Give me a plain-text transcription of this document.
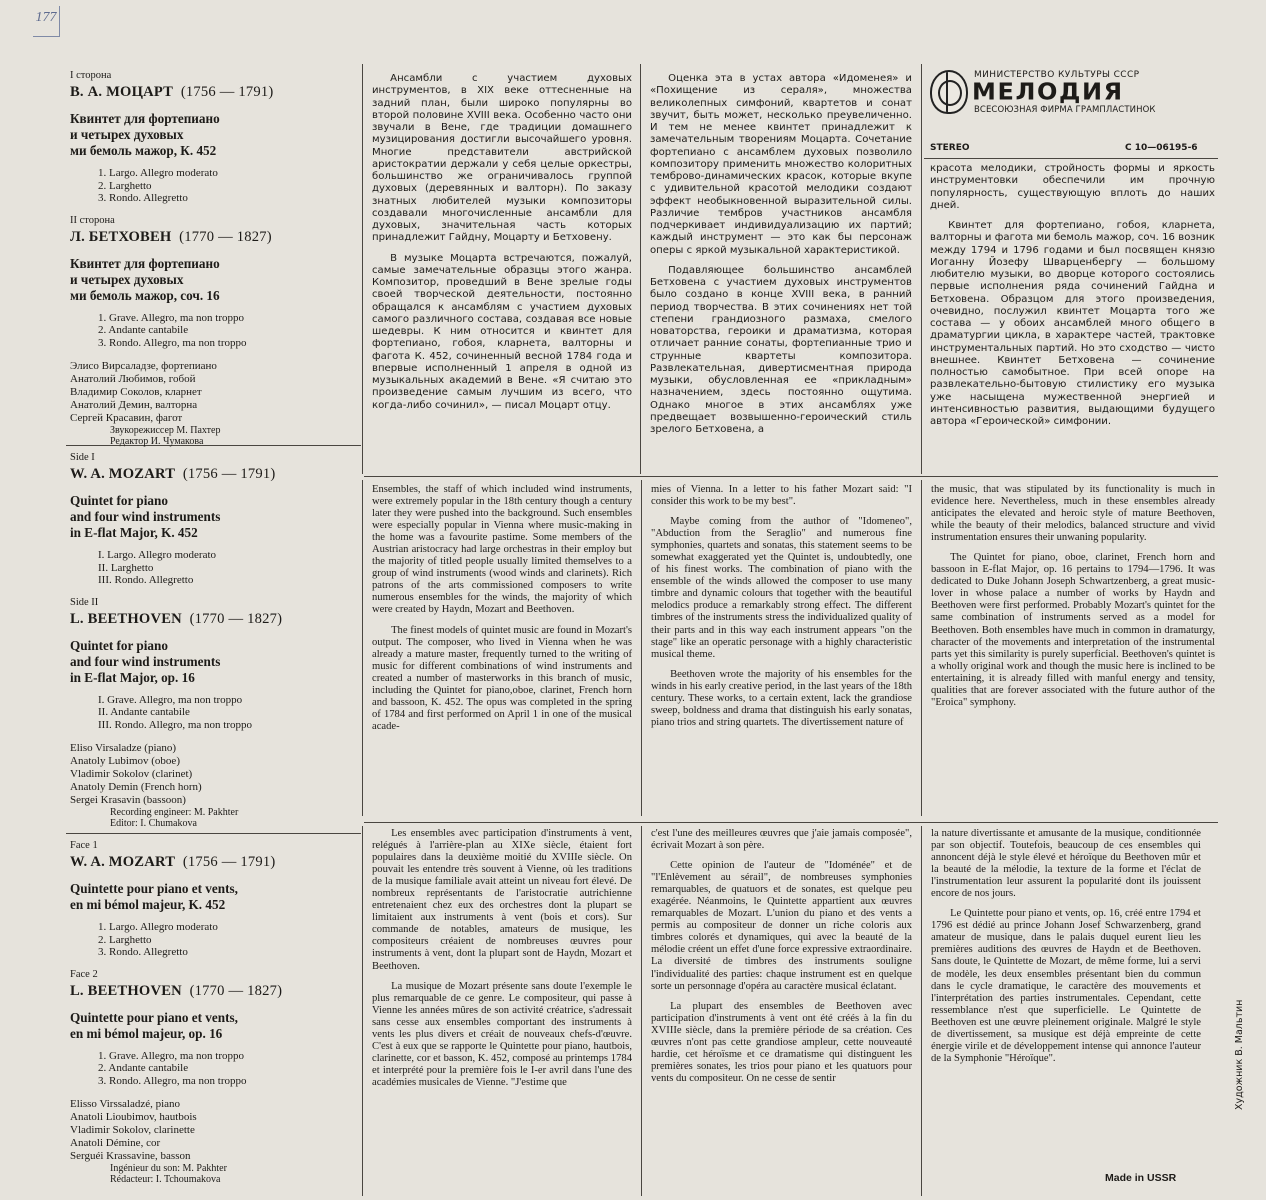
177
I сторона
В. А. МОЦАРТ (1756 — 1791)
Квинтет для фортепиано
и четырех духовых
ми бемоль мажор, К. 452
1. Largo. Allegro moderato
2. Larghetto
3. Rondo. Allegretto
II сторона
Л. БЕТХОВЕН (1770 — 1827)
Квинтет для фортепиано
и четырех духовых
ми бемоль мажор, соч. 16
1. Grave. Allegro, ma non troppo
2. Andante cantabile
3. Rondo. Allegro, ma non troppo
Элисо Вирсаладзе, фортепиано
Анатолий Любимов, гобой
Владимир Соколов, кларнет
Анатолий Демин, валторна
Сергей Красавин, фагот
Звукорежиссер М. Пахтер
Редактор И. Чумакова

Ансамбли с участием духовых инструментов, в XIX веке оттесненные на задний план, были широко популярны во второй половине XVIII века. Особенно часто они звучали в Вене, где традиции домашнего музицирования достигли высочайшего уровня. Многие представители австрийской аристократии держали у себя целые оркестры, большинство же ограничивалось группой духовых (деревянных и валторн). По заказу знатных любителей музыки композиторы создавали многочисленные ансамбли для духовых, значительная часть которых принадлежит Гайдну, Моцарту и Бетховену.

В музыке Моцарта встречаются, пожалуй, самые замечательные образцы этого жанра. Композитор, проведший в Вене зрелые годы своей творческой деятельности, постоянно обращался к ансамблям с участием духовых самого различного состава, создавая все новые шедевры. К ним относится и квинтет для фортепиано, гобоя, кларнета, валторны и фагота К. 452, сочиненный весной 1784 года и впервые исполненный 1 апреля в одной из музыкальных академий в Вене. «Я считаю это произведение самым лучшим из всего, что когда-либо сочинил», — писал Моцарт отцу.

Оценка эта в устах автора «Идоменея» и «Похищение из сераля», множества великолепных симфоний, квартетов и сонат звучит, быть может, несколько преувеличенно. И тем не менее квинтет принадлежит к замечательным творениям Моцарта. Сочетание фортепиано с ансамблем духовых позволило композитору применить множество колоритных темброво-динамических красок, которые вкупе с удивительной красотой мелодики создают эффект необыкновенной выразительной силы. Различие тембров участников ансамбля подчеркивает индивидуализацию их партий; каждый инструмент — это как бы персонаж оперы с яркой музыкальной характеристикой.

Подавляющее большинство ансамблей Бетховена с участием духовых инструментов было создано в конце XVIII века, в ранний период творчества. В этих сочинениях нет той степени грандиозного размаха, смелого новаторства, героики и драматизма, которая отличает ранние сонаты, фортепианные трио и струнные квартеты композитора. Развлекательная, дивертисментная природа музыки, обусловленная ее «прикладным» назначением, здесь постоянно ощутима. Однако многое в этих ансамблях уже предвещает возвышенно-героический стиль зрелого Бетховена, а

красота мелодики, стройность формы и яркость инструментовки обеспечили им прочную популярность, существующую вплоть до наших дней.

Квинтет для фортепиано, гобоя, кларнета, валторны и фагота ми бемоль мажор, соч. 16 возник между 1794 и 1796 годами и был посвящен князю Иоганну Йозефу Шварценбергу — большому любителю музыки, во дворце которого состоялись первые исполнения ряда сочинений Гайдна и Бетховена. Образцом для этого произведения, очевидно, послужил квинтет Моцарта того же состава — у обоих ансамблей много общего в драматургии цикла, в характере частей, трактовке инструментальных партий. Но это сходство — чисто внешнее. Квинтет Бетховена — сочинение полностью самобытное. При всей опоре на развлекательно-бытовую стилистику его музыка уже насыщена мужественной энергией и интенсивностью развития, выдающими будущего автора «Героической» симфонии.

МИНИСТЕРСТВО КУЛЬТУРЫ СССР
МЕЛОДИЯ
ВСЕСОЮЗНАЯ ФИРМА ГРАМПЛАСТИНОК
STEREO	С 10—06195-6
Side I
W. A. MOZART (1756 — 1791)
Quintet for piano
and four wind instruments
in E-flat Major, K. 452
I. Largo. Allegro moderato
II. Larghetto
III. Rondo. Allegretto
Side II
L. BEETHOVEN (1770 — 1827)
Quintet for piano
and four wind instruments
in E-flat Major, op. 16
I. Grave. Allegro, ma non troppo
II. Andante cantabile
III. Rondo. Allegro, ma non troppo
Eliso Virsaladze (piano)
Anatoly Lubimov (oboe)
Vladimir Sokolov (clarinet)
Anatoly Demin (French horn)
Sergei Krasavin (bassoon)
Recording engineer: M. Pakhter
Editor: I. Chumakova

Ensembles, the staff of which included wind instruments, were extremely popular in the 18th century though a century later they were pushed into the background. Such ensembles were especially popular in Vienna where music-making in the home was a favourite pastime. Some members of the Austrian aristocracy had large orchestras in their employ but the majority of titled people usually limited themselves to a group of wind instruments (wood winds and clarinets). Rich patrons of the arts commissioned composers to write numerous ensembles for the winds, the majority of which were created by Haydn, Mozart and Beethoven.

The finest models of quintet music are found in Mozart's output. The composer, who lived in Vienna when he was already a mature master, frequently turned to the writing of music for different combinations of wind instruments and created a number of masterworks in this branch of music, including the Quintet for piano,oboe, clarinet, French horn and bassoon, K. 452. The opus was completed in the spring of 1784 and first performed on April 1 in one of the musical acade-

mies of Vienna. In a letter to his father Mozart said: "I consider this work to be my best".

Maybe coming from the author of "Idomeneo", "Abduction from the Seraglio" and numerous fine symphonies, quartets and sonatas, this statement seems to be somewhat exaggerated yet the Quintet is, undoubtedly, one of his finest works. The combination of piano with the ensemble of the winds allowed the composer to use many timbre and dynamic colours that together with the beautiful melodics produce a remarkably strong effect. The different timbres of the instruments stress the individualized quality of their parts and in this way each instrument appears "on the stage" like an operatic personage with a highly characteristic musical theme.

Beethoven wrote the majority of his ensembles for the winds in his early creative period, in the last years of the 18th century. These works, to a certain extent, lack the grandiose sweep, boldness and drama that distinguish his early sonatas, piano trios and string quartets. The divertissement nature of

the music, that was stipulated by its functionality is much in evidence here. Nevertheless, much in these ensembles already anticipates the elevated and heroic style of mature Beethoven, while the beauty of their melodics, balanced structure and vivid instrumentation ensures their unwaning popularity.

The Quintet for piano, oboe, clarinet, French horn and bassoon in E-flat Major, op. 16 pertains to 1794—1796. It was dedicated to Duke Johann Joseph Schwartzenberg, a great music-lover in whose palace a number of works by Haydn and Beethoven were first performed. Probably Mozart's quintet for the same combination of instruments served as a model for Beethoven. Both ensembles have much in common in dramaturgy, character of the movements and interpretation of the instrumental parts yet this similarity is purely superficial. Beethoven's quintet is a wholly original work and though the music here is inclined to be entertaining, it is already filled with manful energy and tensity, qualities that are forever associated with the future author of the "Eroica" symphony.

Face 1
W. A. MOZART (1756 — 1791)
Quintette pour piano et vents,
en mi bémol majeur, K. 452
1. Largo. Allegro moderato
2. Larghetto
3. Rondo. Allegretto
Face 2
L. BEETHOVEN (1770 — 1827)
Quintette pour piano et vents,
en mi bémol majeur, op. 16
1. Grave. Allegro, ma non troppo
2. Andante cantabile
3. Rondo. Allegro, ma non troppo
Elisso Virssaladzé, piano
Anatoli Lioubimov, hautbois
Vladimir Sokolov, clarinette
Anatoli Démine, cor
Serguéi Krassavine, basson
Ingénieur du son: M. Pakhter
Rédacteur: I. Tchoumakova

Les ensembles avec participation d'instruments à vent, relégués à l'arrière-plan au XIXe siècle, étaient fort populaires dans la deuxième moitié du XVIIIe siècle. On pouvait les entendre très souvent à Vienne, où les traditions de la musique familiale avait atteint un niveau fort élevé. De nombreux représentants de l'aristocratie autrichienne entretenaient chez eux des orchestres dont la plupart se limitaient aux instruments à vent (bois et cors). Sur commande de notables, amateurs de musique, les compositeurs créaient de nombreuses œuvres pour instruments à vent, dont la plupart sont de Haydn, Mozart et Beethoven.

La musique de Mozart présente sans doute l'exemple le plus remarquable de ce genre. Le compositeur, qui passe à Vienne les années mûres de son activité créatrice, s'adressait sans cesse aux ensembles comportant des instruments à vents les plus divers et créait de nouveaux chefs-d'œuvre. C'est à eux que se rapporte le Quintette pour piano, hautbois, clarinette, cor et basson, K. 452, composé au printemps 1784 et interprété pour la première fois le I-er avril dans l'une des académies musicales de Vienne. "J'estime que

c'est l'une des meilleures œuvres que j'aie jamais composée", écrivait Mozart à son père.

Cette opinion de l'auteur de "Idoménée" et de "l'Enlèvement au sérail", de nombreuses symphonies remarquables, de quatuors et de sonates, est quelque peu exagérée. Néanmoins, le Quintette appartient aux œuvres remarquables de Mozart. L'union du piano et des vents a permis au compositeur de donner un riche coloris aux timbres colorés et dynamiques, qui avec la beauté de la mélodie créent un effet d'une force expressive extraordinaire. La diversité de timbres des instruments souligne l'individualité des parties: chaque instrument est en quelque sorte un personnage d'opéra au caractère musical éclatant.

La plupart des ensembles de Beethoven avec participation d'instruments à vent ont été créés à la fin du XVIIIe siècle, dans la première période de sa création. Ces œuvres n'ont pas cette grandiose ampleur, cette nouveauté hardie, cet héroïsme et ce dramatisme qui distinguent les premières sonates, les trios pour piano et les quatuors pour vents du compositeur. On ne cesse de sentir

la nature divertissante et amusante de la musique, conditionnée par son objectif. Toutefois, beaucoup de ces ensembles qui annoncent déjà le style élevé et héroïque du Beethoven mûr et la beauté de la mélodie, la texture de la forme et l'éclat de l'instrumentation leur assurent la popularité dont ils jouissent encore de nos jours.

Le Quintette pour piano et vents, op. 16, créé entre 1794 et 1796 est dédié au prince Johann Josef Schwarzenberg, grand amateur de musique, dans le palais duquel eurent lieu les premières auditions des œuvres de Haydn et de Beethoven. Sans doute, le Quintette de Mozart, de même forme, lui a servi de modèle, les deux ensembles présentant bien du commun dans le cycle dramatique, le caractère des mouvements et l'interprétation des parties instrumentales. Cependant, cette ressemblance n'est que superficielle. Le Quintette de Beethoven est une œuvre pleinement originale. Malgré le style de divertissement, sa musique est déjà empreinte de cette énergie virile et de développement intense qui annonce l'auteur de la Symphonie "Héroïque".

Made in USSR
Художник В. Мальтин
